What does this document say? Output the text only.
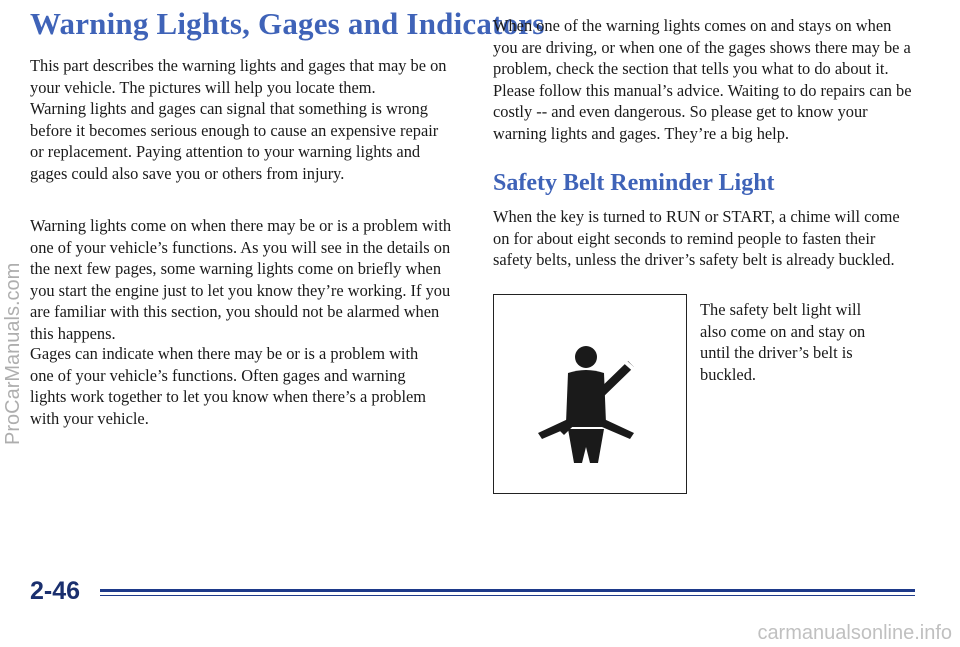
Warning Lights, Gages and Indicators

This part describes the warning lights and gages that may be on your vehicle. The pictures will help you locate them.

Warning lights and gages can signal that something is wrong before it becomes serious enough to cause an expensive repair or replacement. Paying attention to your warning lights and gages could also save you or others from injury.

Warning lights come on when there may be or is a problem with one of your vehicle’s functions. As you will see in the details on the next few pages, some warning lights come on briefly when you start the engine just to let you know they’re working. If you are familiar with this section, you should not be alarmed when this happens.

Gages can indicate when there may be or is a problem with one of your vehicle’s functions. Often gages and warning lights work together to let you know when there’s a problem with your vehicle.

ProCarManuals.com

When one of the warning lights comes on and stays on when you are driving, or when one of the gages shows there may be a problem, check the section that tells you what to do about it. Please follow this manual’s advice. Waiting to do repairs can be costly -- and even dangerous. So please get to know your warning lights and gages. They’re a big help.

Safety Belt Reminder Light

When the key is turned to RUN or START, a chime will come on for about eight seconds to remind people to fasten their safety belts, unless the driver’s safety belt is already buckled.

The safety belt light will also come on and stay on until the driver’s belt is buckled.

2-46
carmanualsonline.info
